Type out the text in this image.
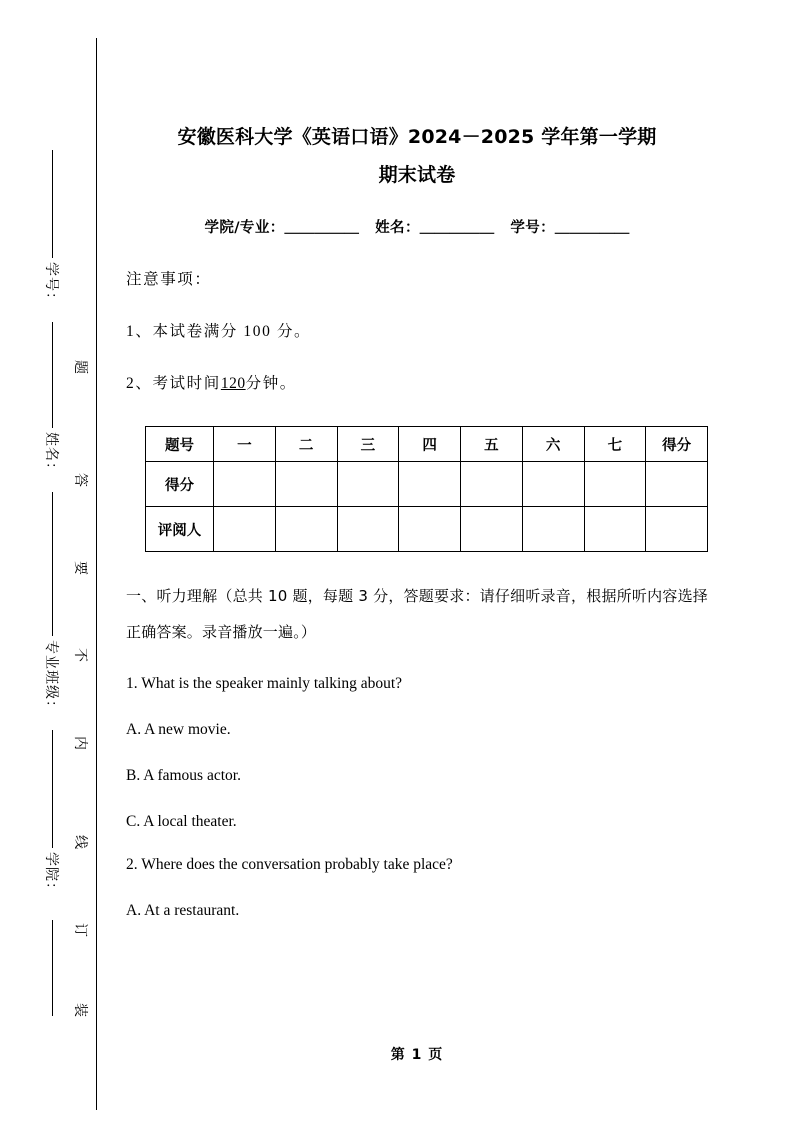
学号：
姓名：
专业班级：
学院：
题
答
要
不
内
线
订
装
安徽医科大学《英语口语》2024－2025 学年第一学期
期末试卷
学院/专业：＿＿＿＿＿ 姓名：＿＿＿＿＿ 学号：＿＿＿＿＿

注意事项：

1、本试卷满分 100 分。

2、考试时间120分钟。

题号	一	二	三	四	五	六	七	得分
得分								
评阅人								

一、听力理解（总共 10 题，每题 3 分，答题要求：请仔细听录音，根据所听内容选择正确答案。录音播放一遍。）

1. What is the speaker mainly talking about?

A. A new movie.

B. A famous actor.

C. A local theater.

2. Where does the conversation probably take place?

A. At a restaurant.

第 1 页
